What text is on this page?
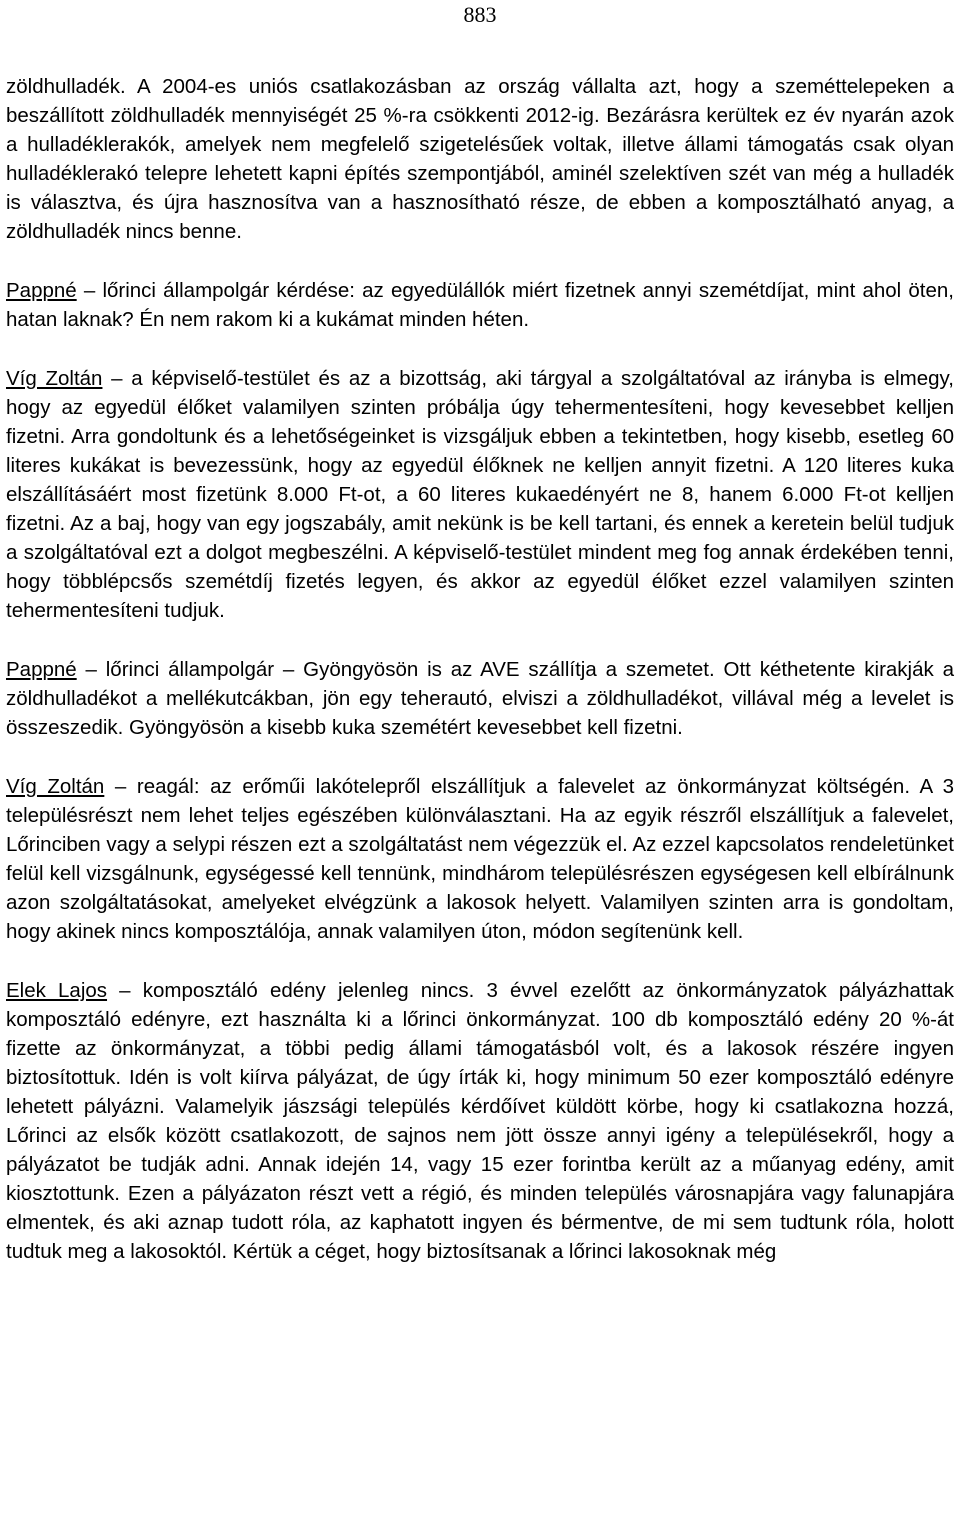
883

zöldhulladék. A 2004-es uniós csatlakozásban az ország vállalta azt, hogy a szeméttelepeken a beszállított zöldhulladék mennyiségét 25 %-ra csökkenti 2012-ig. Bezárásra kerültek ez év nyarán azok a hulladéklerakók, amelyek nem megfelelő szigetelésűek voltak, illetve állami támogatás csak olyan hulladéklerakó telepre lehetett kapni építés szempontjából, aminél szelektíven szét van még a hulladék is választva, és újra hasznosítva van a hasznosítható része, de ebben a komposztálható anyag, a zöldhulladék nincs benne.

Pappné – lőrinci állampolgár kérdése: az egyedülállók miért fizetnek annyi szemétdíjat, mint ahol öten, hatan laknak? Én nem rakom ki a kukámat minden héten.

Víg Zoltán – a képviselő-testület és az a bizottság, aki tárgyal a szolgáltatóval az irányba is elmegy, hogy az egyedül élőket valamilyen szinten próbálja úgy tehermentesíteni, hogy kevesebbet kelljen fizetni. Arra gondoltunk és a lehetőségeinket is vizsgáljuk ebben a tekintetben, hogy kisebb, esetleg 60 literes kukákat is bevezessünk, hogy az egyedül élőknek ne kelljen annyit fizetni. A 120 literes kuka elszállításáért most fizetünk 8.000 Ft-ot, a 60 literes kukaedényért ne 8, hanem 6.000 Ft-ot kelljen fizetni. Az a baj, hogy van egy jogszabály, amit nekünk is be kell tartani, és ennek a keretein belül tudjuk a szolgáltatóval ezt a dolgot megbeszélni. A képviselő-testület mindent meg fog annak érdekében tenni, hogy többlépcsős szemétdíj fizetés legyen, és akkor az egyedül élőket ezzel valamilyen szinten tehermentesíteni tudjuk.

Pappné – lőrinci állampolgár – Gyöngyösön is az AVE szállítja a szemetet. Ott kéthetente kirakják a zöldhulladékot a mellékutcákban, jön egy teherautó, elviszi a zöldhulladékot, villával még a levelet is összeszedik. Gyöngyösön a kisebb kuka szemétért kevesebbet kell fizetni.

Víg Zoltán – reagál: az erőműi lakótelepről elszállítjuk a falevelet az önkormányzat költségén. A 3 településrészt nem lehet teljes egészében különválasztani. Ha az egyik részről elszállítjuk a falevelet, Lőrinciben vagy a selypi részen ezt a szolgáltatást nem végezzük el. Az ezzel kapcsolatos rendeletünket felül kell vizsgálnunk, egységessé kell tennünk, mindhárom településrészen egységesen kell elbírálnunk azon szolgáltatásokat, amelyeket elvégzünk a lakosok helyett. Valamilyen szinten arra is gondoltam, hogy akinek nincs komposztálója, annak valamilyen úton, módon segítenünk kell.

Elek Lajos – komposztáló edény jelenleg nincs. 3 évvel ezelőtt az önkormányzatok pályázhattak komposztáló edényre, ezt használta ki a lőrinci önkormányzat. 100 db komposztáló edény 20 %-át fizette az önkormányzat, a többi pedig állami támogatásból volt, és a lakosok részére ingyen biztosítottuk. Idén is volt kiírva pályázat, de úgy írták ki, hogy minimum 50 ezer komposztáló edényre lehetett pályázni. Valamelyik jászsági település kérdőívet küldött körbe, hogy ki csatlakozna hozzá, Lőrinci az elsők között csatlakozott, de sajnos nem jött össze annyi igény a településekről, hogy a pályázatot be tudják adni. Annak idején 14, vagy 15 ezer forintba került az a műanyag edény, amit kiosztottunk. Ezen a pályázaton részt vett a régió, és minden település városnapjára vagy falunapjára elmentek, és aki aznap tudott róla, az kaphatott ingyen és bérmentve, de mi sem tudtunk róla, holott tudtuk meg a lakosoktól. Kértük a céget, hogy biztosítsanak a lőrinci lakosoknak még
